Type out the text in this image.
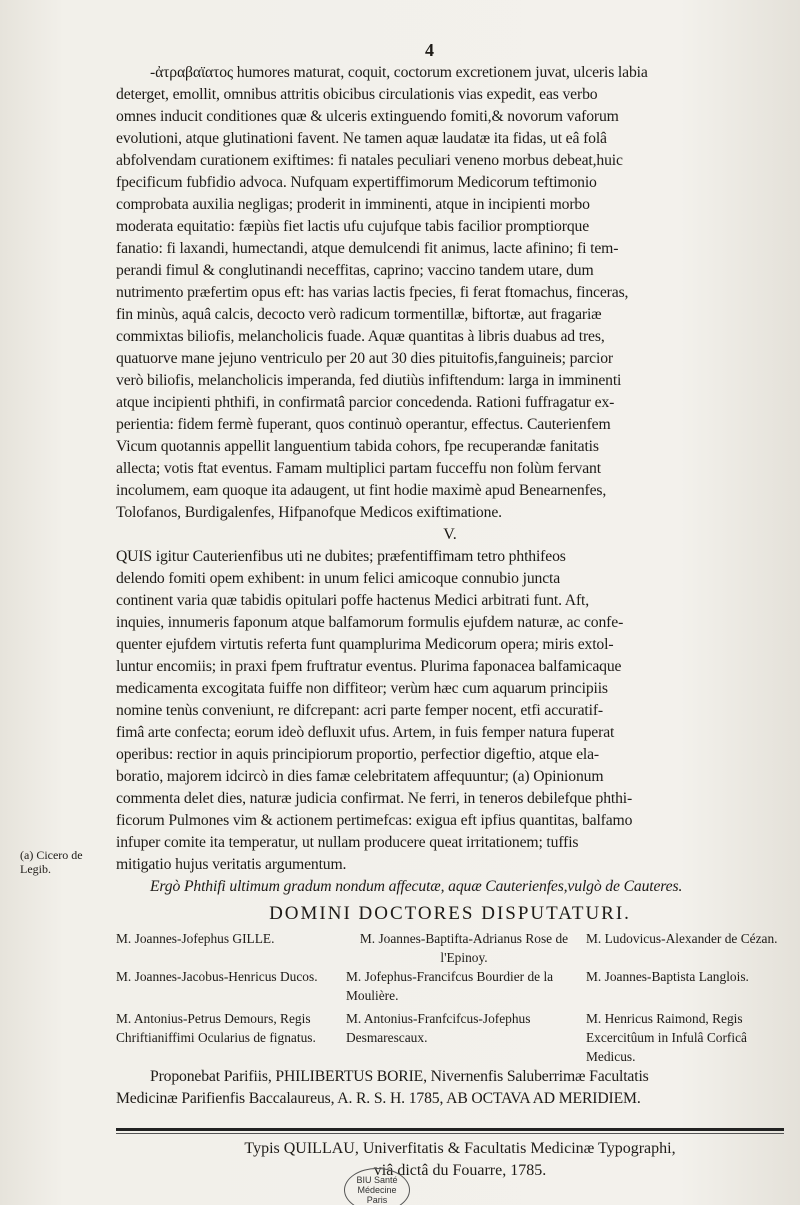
4
(a) Cicero de Legib.
-ἀτραβαϊατος humores maturat, coquit, coctorum excretionem juvat, ulceris labia
deterget, emollit, omnibus attritis obicibus circulationis vias expedit, eas verbo
omnes inducit conditiones quæ & ulceris extinguendo fomiti,& novorum vaforum
evolutioni, atque glutinationi favent. Ne tamen aquæ laudatæ ita fidas, ut eâ folâ
abfolvendam curationem exiftimes: fi natales peculiari veneno morbus debeat,huic
fpecificum fubfidio advoca. Nufquam expertiffimorum Medicorum teftimonio
comprobata auxilia negligas; proderit in imminenti, atque in incipienti morbo
moderata equitatio: fæpiùs fiet lactis ufu cujufque tabis facilior promptiorque
fanatio: fi laxandi, humectandi, atque demulcendi fit animus, lacte afinino; fi tem-
perandi fimul & conglutinandi neceffitas, caprino; vaccino tandem utare, dum
nutrimento præfertim opus eft: has varias lactis fpecies, fi ferat ftomachus, finceras,
fin minùs, aquâ calcis, decocto verò radicum tormentillæ, biftortæ, aut fragariæ
commixtas biliofis, melancholicis fuade. Aquæ quantitas à libris duabus ad tres,
quatuorve mane jejuno ventriculo per 20 aut 30 dies pituitofis,fanguineis; parcior
verò biliofis, melancholicis imperanda, fed diutiùs infiftendum: larga in imminenti
atque incipienti phthifi, in confirmatâ parcior concedenda. Rationi fuffragatur ex-
perientia: fidem fermè fuperant, quos continuò operantur, effectus. Cauterienfem
Vicum quotannis appellit languentium tabida cohors, fpe recuperandæ fanitatis
allecta; votis ftat eventus. Famam multiplici partam fucceffu non folùm fervant
incolumem, eam quoque ita adaugent, ut fint hodie maximè apud Benearnenfes,
Tolofanos, Burdigalenfes, Hifpanofque Medicos exiftimatione.
V.
QUIS igitur Cauterienfibus uti ne dubites; præfentiffimam tetro phthifeos
delendo fomiti opem exhibent: in unum felici amicoque connubio juncta
continent varia quæ tabidis opitulari poffe hactenus Medici arbitrati funt. Aft,
inquies, innumeris faponum atque balfamorum formulis ejufdem naturæ, ac confe-
quenter ejufdem virtutis referta funt quamplurima Medicorum opera; miris extol-
luntur encomiis; in praxi fpem fruftratur eventus. Plurima faponacea balfamicaque
medicamenta excogitata fuiffe non diffiteor; verùm hæc cum aquarum principiis
nomine tenùs conveniunt, re difcrepant: acri parte femper nocent, etfi accuratif-
fimâ arte confecta; eorum ideò defluxit ufus. Artem, in fuis femper natura fuperat
operibus: rectior in aquis principiorum proportio, perfectior digeftio, atque ela-
boratio, majorem idcircò in dies famæ celebritatem affequuntur; (a) Opinionum
commenta delet dies, naturæ judicia confirmat. Ne ferri, in teneros debilefque phthi-
ficorum Pulmones vim & actionem pertimefcas: exigua eft ipfius quantitas, balfamo
infuper comite ita temperatur, ut nullam producere queat irritationem; tuffis
mitigatio hujus veritatis argumentum.
Ergò Phthifi ultimum gradum nondum affecutæ, aquæ Cauterienfes,vulgò de Cauteres.
DOMINI DOCTORES DISPUTATURI.
M. Joannes-Jofephus GILLE.	M. Joannes-Baptifta-Adrianus Rose de l'Epinoy.
M. Ludovicus-Alexander de Cézan.
M. Joannes-Jacobus-Henricus Ducos.	M. Jofephus-Francifcus Bourdier de la Moulière.
M. Joannes-Baptista Langlois.
M. Antonius-Petrus Demours, Regis Chriftianiffimi Ocularius de fignatus.
M. Antonius-Franfcifcus-Jofephus Desmarescaux.
M. Henricus Raimond, Regis Excercitûum in Infulâ Corficâ Medicus.
Proponebat Parifiis, PHILIBERTUS BORIE, Nivernenfis Saluberrimæ Facultatis
Medicinæ Parifienfis Baccalaureus, A. R. S. H. 1785, AB OCTAVA AD MERIDIEM.
Typis QUILLAU, Univerfitatis & Facultatis Medicinæ Typographi,
viâ dictâ du Fouarre, 1785.
BIU Santé
Médecine
Paris
